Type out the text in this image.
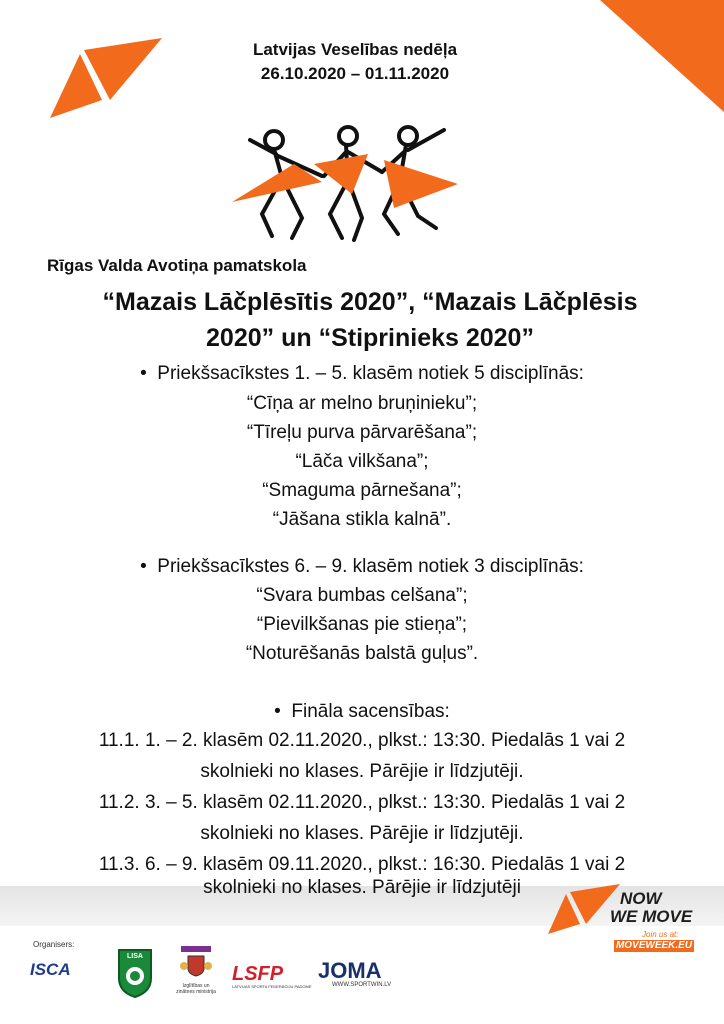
Latvijas Veselības nedēļa
26.10.2020 – 01.11.2020
Rīgas Valda Avotiņa pamatskola
“Mazais Lāčplēsītis 2020”, “Mazais Lāčplēsis
2020” un “Stiprinieks 2020”
•  Priekšsacīkstes 1. – 5. klasēm notiek 5 disciplīnās:
“Cīņa ar melno bruņinieku”;
“Tīreļu purva pārvarēšana”;
“Lāča vilkšana”;
“Smaguma pārnešana”;
“Jāšana stikla kalnā”.
•  Priekšsacīkstes 6. – 9. klasēm notiek 3 disciplīnās:
“Svara bumbas celšana”;
“Pievilkšanas pie stieņa”;
“Noturēšanās balstā guļus”.
•  Fināla sacensības:
11.1. 1. – 2. klasēm 02.11.2020., plkst.: 13:30. Piedalās 1 vai 2
skolnieki no klases. Pārējie ir līdzjutēji.
11.2. 3. – 5. klasēm 02.11.2020., plkst.: 13:30. Piedalās 1 vai 2
skolnieki no klases. Pārējie ir līdzjutēji.
11.3. 6. – 9. klasēm 09.11.2020., plkst.: 16:30. Piedalās 1 vai 2
skolnieki no klases. Pārējie ir līdzjutēji
NOW
WE MOVE
Join us at:
MOVEWEEK.EU
Organisers:
ISCA
LISA
Izglītības un zinātnes ministrija
LSFP
LATVIJAS SPORTA FEDERĀCIJU PADOME
JOMA
WWW.SPORTWIN.LV
